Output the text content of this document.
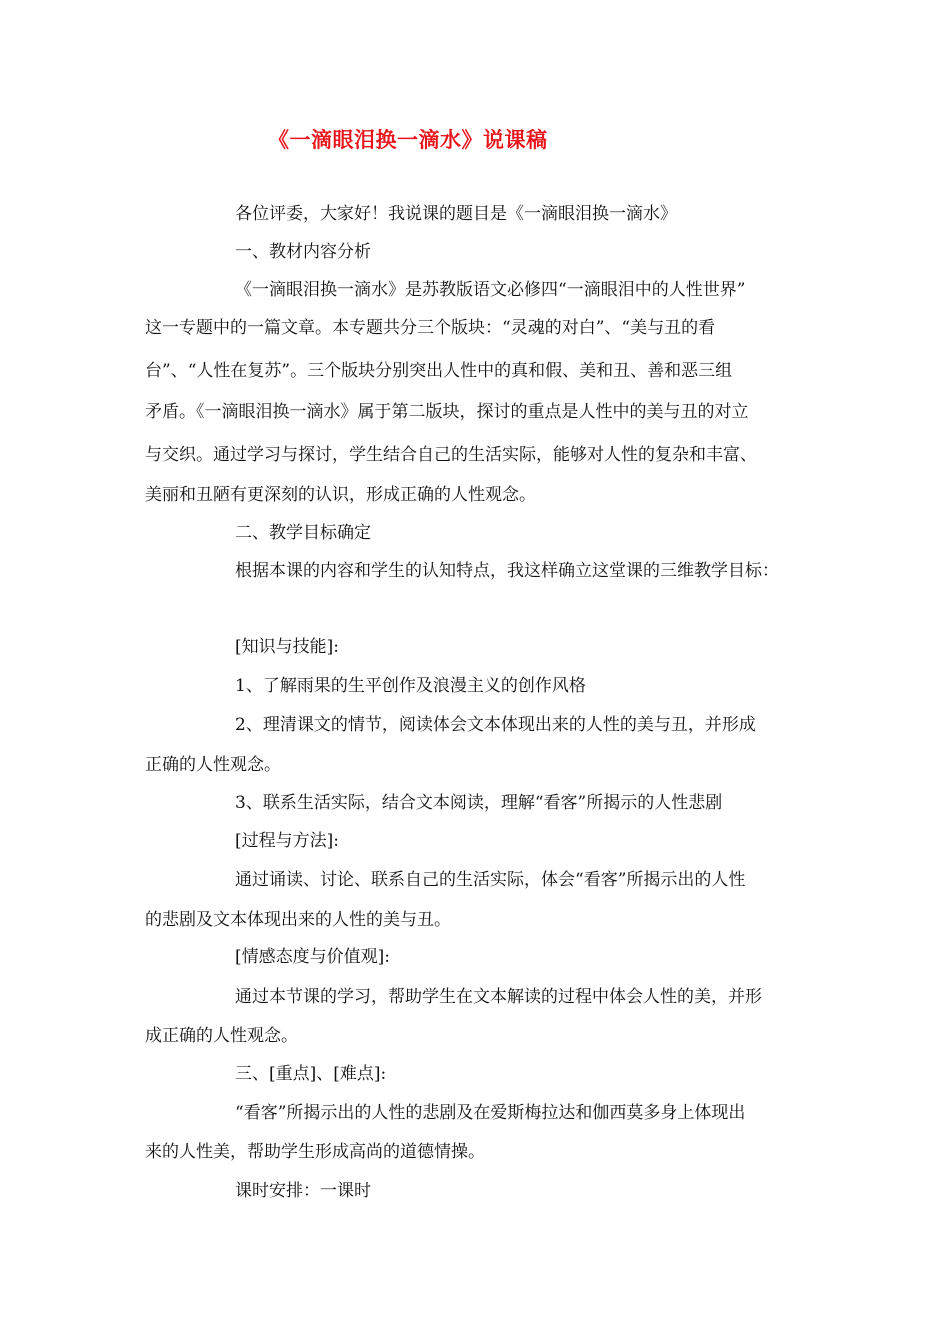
《一滴眼泪换一滴水》说课稿
各位评委，大家好！我说课的题目是《一滴眼泪换一滴水》
一、教材内容分析
《一滴眼泪换一滴水》是苏教版语文必修四“一滴眼泪中的人性世界”
这一专题中的一篇文章。本专题共分三个版块：“灵魂的对白”、“美与丑的看
台”、“人性在复苏”。三个版块分别突出人性中的真和假、美和丑、善和恶三组
矛盾。《一滴眼泪换一滴水》属于第二版块，探讨的重点是人性中的美与丑的对立
与交织。通过学习与探讨，学生结合自己的生活实际，能够对人性的复杂和丰富、
美丽和丑陋有更深刻的认识，形成正确的人性观念。
二、教学目标确定
根据本课的内容和学生的认知特点，我这样确立这堂课的三维教学目标：
[知识与技能]:
1、了解雨果的生平创作及浪漫主义的创作风格
2、理清课文的情节，阅读体会文本体现出来的人性的美与丑，并形成
正确的人性观念。
3、联系生活实际，结合文本阅读，理解“看客”所揭示的人性悲剧
[过程与方法]:
通过诵读、讨论、联系自己的生活实际，体会“看客”所揭示出的人性
的悲剧及文本体现出来的人性的美与丑。
[情感态度与价值观]:
通过本节课的学习，帮助学生在文本解读的过程中体会人性的美，并形
成正确的人性观念。
三、[重点]、[难点]:
“看客”所揭示出的人性的悲剧及在爱斯梅拉达和伽西莫多身上体现出
来的人性美，帮助学生形成高尚的道德情操。
课时安排：一课时
